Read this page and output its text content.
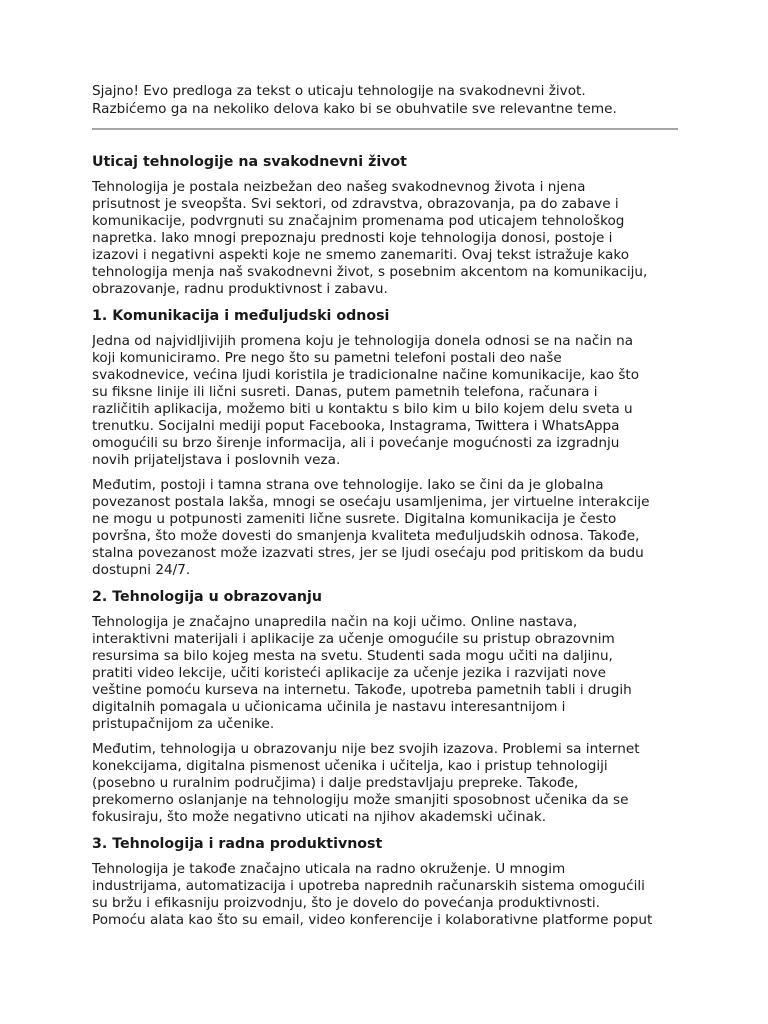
Sjajno! Evo predloga za tekst o uticaju tehnologije na svakodnevni život.
Razbićemo ga na nekoliko delova kako bi se obuhvatile sve relevantne teme.

Uticaj tehnologije na svakodnevni život

Tehnologija je postala neizbežan deo našeg svakodnevnog života i njena
prisutnost je sveopšta. Svi sektori, od zdravstva, obrazovanja, pa do zabave i
komunikacije, podvrgnuti su značajnim promenama pod uticajem tehnološkog
napretka. Iako mnogi prepoznaju prednosti koje tehnologija donosi, postoje i
izazovi i negativni aspekti koje ne smemo zanemariti. Ovaj tekst istražuje kako
tehnologija menja naš svakodnevni život, s posebnim akcentom na komunikaciju,
obrazovanje, radnu produktivnost i zabavu.

1. Komunikacija i međuljudski odnosi

Jedna od najvidljivijih promena koju je tehnologija donela odnosi se na način na
koji komuniciramo. Pre nego što su pametni telefoni postali deo naše
svakodnevice, većina ljudi koristila je tradicionalne načine komunikacije, kao što
su fiksne linije ili lični susreti. Danas, putem pametnih telefona, računara i
različitih aplikacija, možemo biti u kontaktu s bilo kim u bilo kojem delu sveta u
trenutku. Socijalni mediji poput Facebooka, Instagrama, Twittera i WhatsAppa
omogućili su brzo širenje informacija, ali i povećanje mogućnosti za izgradnju
novih prijateljstava i poslovnih veza.

Međutim, postoji i tamna strana ove tehnologije. Iako se čini da je globalna
povezanost postala lakša, mnogi se osećaju usamljenima, jer virtuelne interakcije
ne mogu u potpunosti zameniti lične susrete. Digitalna komunikacija je često
površna, što može dovesti do smanjenja kvaliteta međuljudskih odnosa. Takođe,
stalna povezanost može izazvati stres, jer se ljudi osećaju pod pritiskom da budu
dostupni 24/7.

2. Tehnologija u obrazovanju

Tehnologija je značajno unapredila način na koji učimo. Online nastava,
interaktivni materijali i aplikacije za učenje omogućile su pristup obrazovnim
resursima sa bilo kojeg mesta na svetu. Studenti sada mogu učiti na daljinu,
pratiti video lekcije, učiti koristeći aplikacije za učenje jezika i razvijati nove
veštine pomoću kurseva na internetu. Takođe, upotreba pametnih tabli i drugih
digitalnih pomagala u učionicama učinila je nastavu interesantnijom i
pristupačnijom za učenike.

Međutim, tehnologija u obrazovanju nije bez svojih izazova. Problemi sa internet
konekcijama, digitalna pismenost učenika i učitelja, kao i pristup tehnologiji
(posebno u ruralnim područjima) i dalje predstavljaju prepreke. Takođe,
prekomerno oslanjanje na tehnologiju može smanjiti sposobnost učenika da se
fokusiraju, što može negativno uticati na njihov akademski učinak.

3. Tehnologija i radna produktivnost

Tehnologija je takođe značajno uticala na radno okruženje. U mnogim
industrijama, automatizacija i upotreba naprednih računarskih sistema omogućili
su bržu i efikasniju proizvodnju, što je dovelo do povećanja produktivnosti.
Pomoću alata kao što su email, video konferencije i kolaborativne platforme poput
